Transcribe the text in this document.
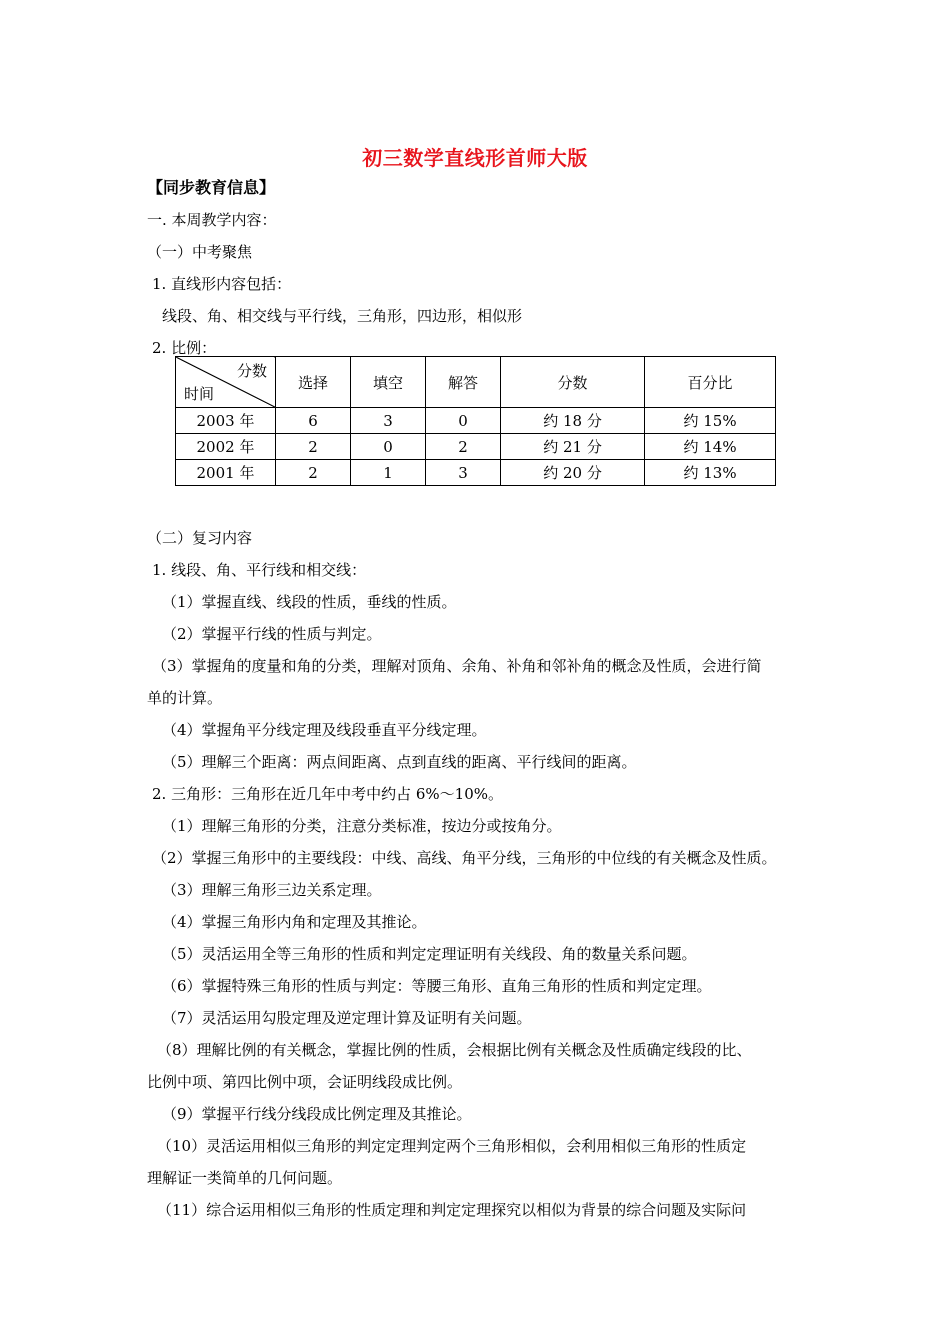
初三数学直线形首师大版
【同步教育信息】
一. 本周教学内容：
（一）中考聚焦
1. 直线形内容包括：
线段、角、相交线与平行线，三角形，四边形，相似形
2. 比例：
分数
时间	选择	填空	解答	分数	百分比
2003 年	6	3	0	约 18 分	约 15%
2002 年	2	0	2	约 21 分	约 14%
2001 年	2	1	3	约 20 分	约 13%
（二）复习内容
1. 线段、角、平行线和相交线：
（1）掌握直线、线段的性质，垂线的性质。
（2）掌握平行线的性质与判定。
（3）掌握角的度量和角的分类，理解对顶角、余角、补角和邻补角的概念及性质，会进行简
单的计算。
（4）掌握角平分线定理及线段垂直平分线定理。
（5）理解三个距离：两点间距离、点到直线的距离、平行线间的距离。
2. 三角形：三角形在近几年中考中约占 6%～10%。
（1）理解三角形的分类，注意分类标准，按边分或按角分。
（2）掌握三角形中的主要线段：中线、高线、角平分线，三角形的中位线的有关概念及性质。
（3）理解三角形三边关系定理。
（4）掌握三角形内角和定理及其推论。
（5）灵活运用全等三角形的性质和判定定理证明有关线段、角的数量关系问题。
（6）掌握特殊三角形的性质与判定：等腰三角形、直角三角形的性质和判定定理。
（7）灵活运用勾股定理及逆定理计算及证明有关问题。
（8）理解比例的有关概念，掌握比例的性质，会根据比例有关概念及性质确定线段的比、
比例中项、第四比例中项，会证明线段成比例。
（9）掌握平行线分线段成比例定理及其推论。
（10）灵活运用相似三角形的判定定理判定两个三角形相似，会利用相似三角形的性质定
理解证一类简单的几何问题。
（11）综合运用相似三角形的性质定理和判定定理探究以相似为背景的综合问题及实际问
